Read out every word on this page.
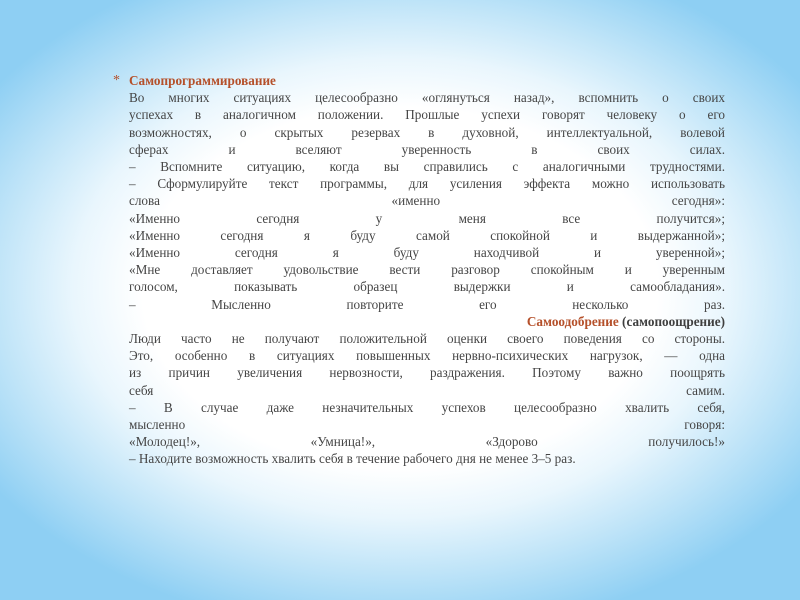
* Самопрограммирование

Во многих ситуациях целесообразно «оглянуться назад», вспомнить о своих

успехах в аналогичном положении. Прошлые успехи говорят человеку о его

возможностях, о скрытых резервах в духовной, интеллектуальной, волевой

сферах и вселяют уверенность в своих силах.

– Вспомните ситуацию, когда вы справились с аналогичными трудностями.

– Сформулируйте текст программы, для усиления эффекта можно использовать

слова «именно сегодня»:

«Именно сегодня у меня все получится»;

«Именно сегодня я буду самой спокойной и выдержанной»;

«Именно сегодня я буду находчивой и уверенной»;

«Мне доставляет удовольствие вести разговор спокойным и уверенным

голосом, показывать образец выдержки и самообладания».

– Мысленно повторите его несколько раз.

Самоодобрение (самопоощрение)

Люди часто не получают положительной оценки своего поведения со стороны.

Это, особенно в ситуациях повышенных нервно-психических нагрузок, — одна

из причин увеличения нервозности, раздражения. Поэтому важно поощрять

себя самим.

– В случае даже незначительных успехов целесообразно хвалить себя,

мысленно говоря:

«Молодец!», «Умница!», «Здорово получилось!»

– Находите возможность хвалить себя в течение рабочего дня не менее 3–5 раз.
